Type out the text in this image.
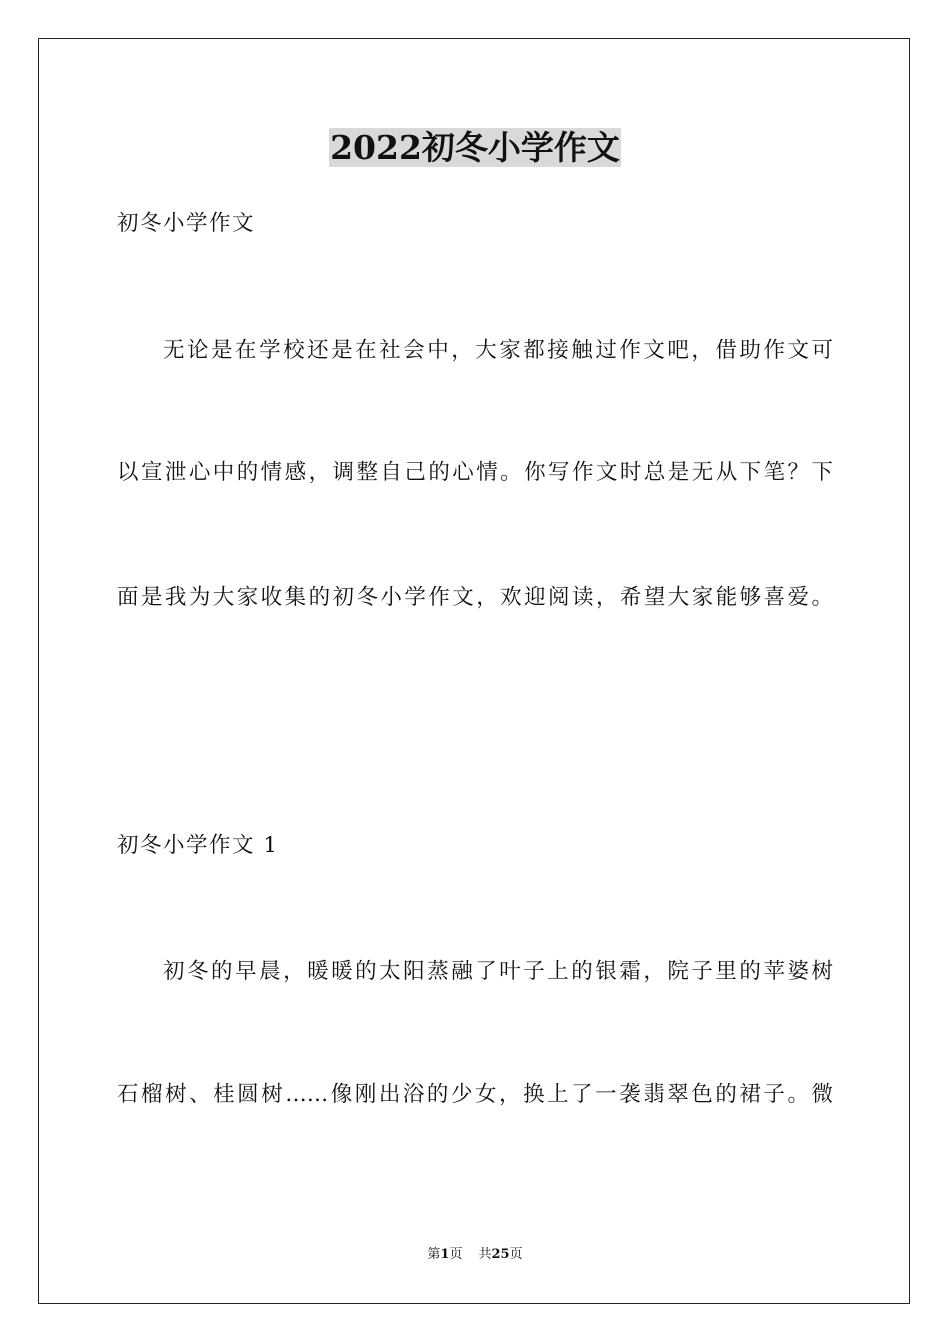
2022初冬小学作文
初冬小学作文
无论是在学校还是在社会中，大家都接触过作文吧，借助作文可
以宣泄心中的情感，调整自己的心情。你写作文时总是无从下笔？下
面是我为大家收集的初冬小学作文，欢迎阅读，希望大家能够喜爱。
初冬小学作文 1
初冬的早晨，暖暖的太阳蒸融了叶子上的银霜，院子里的苹婆树
石榴树、桂圆树……像刚出浴的少女，换上了一袭翡翠色的裙子。微
第1页 共25页
